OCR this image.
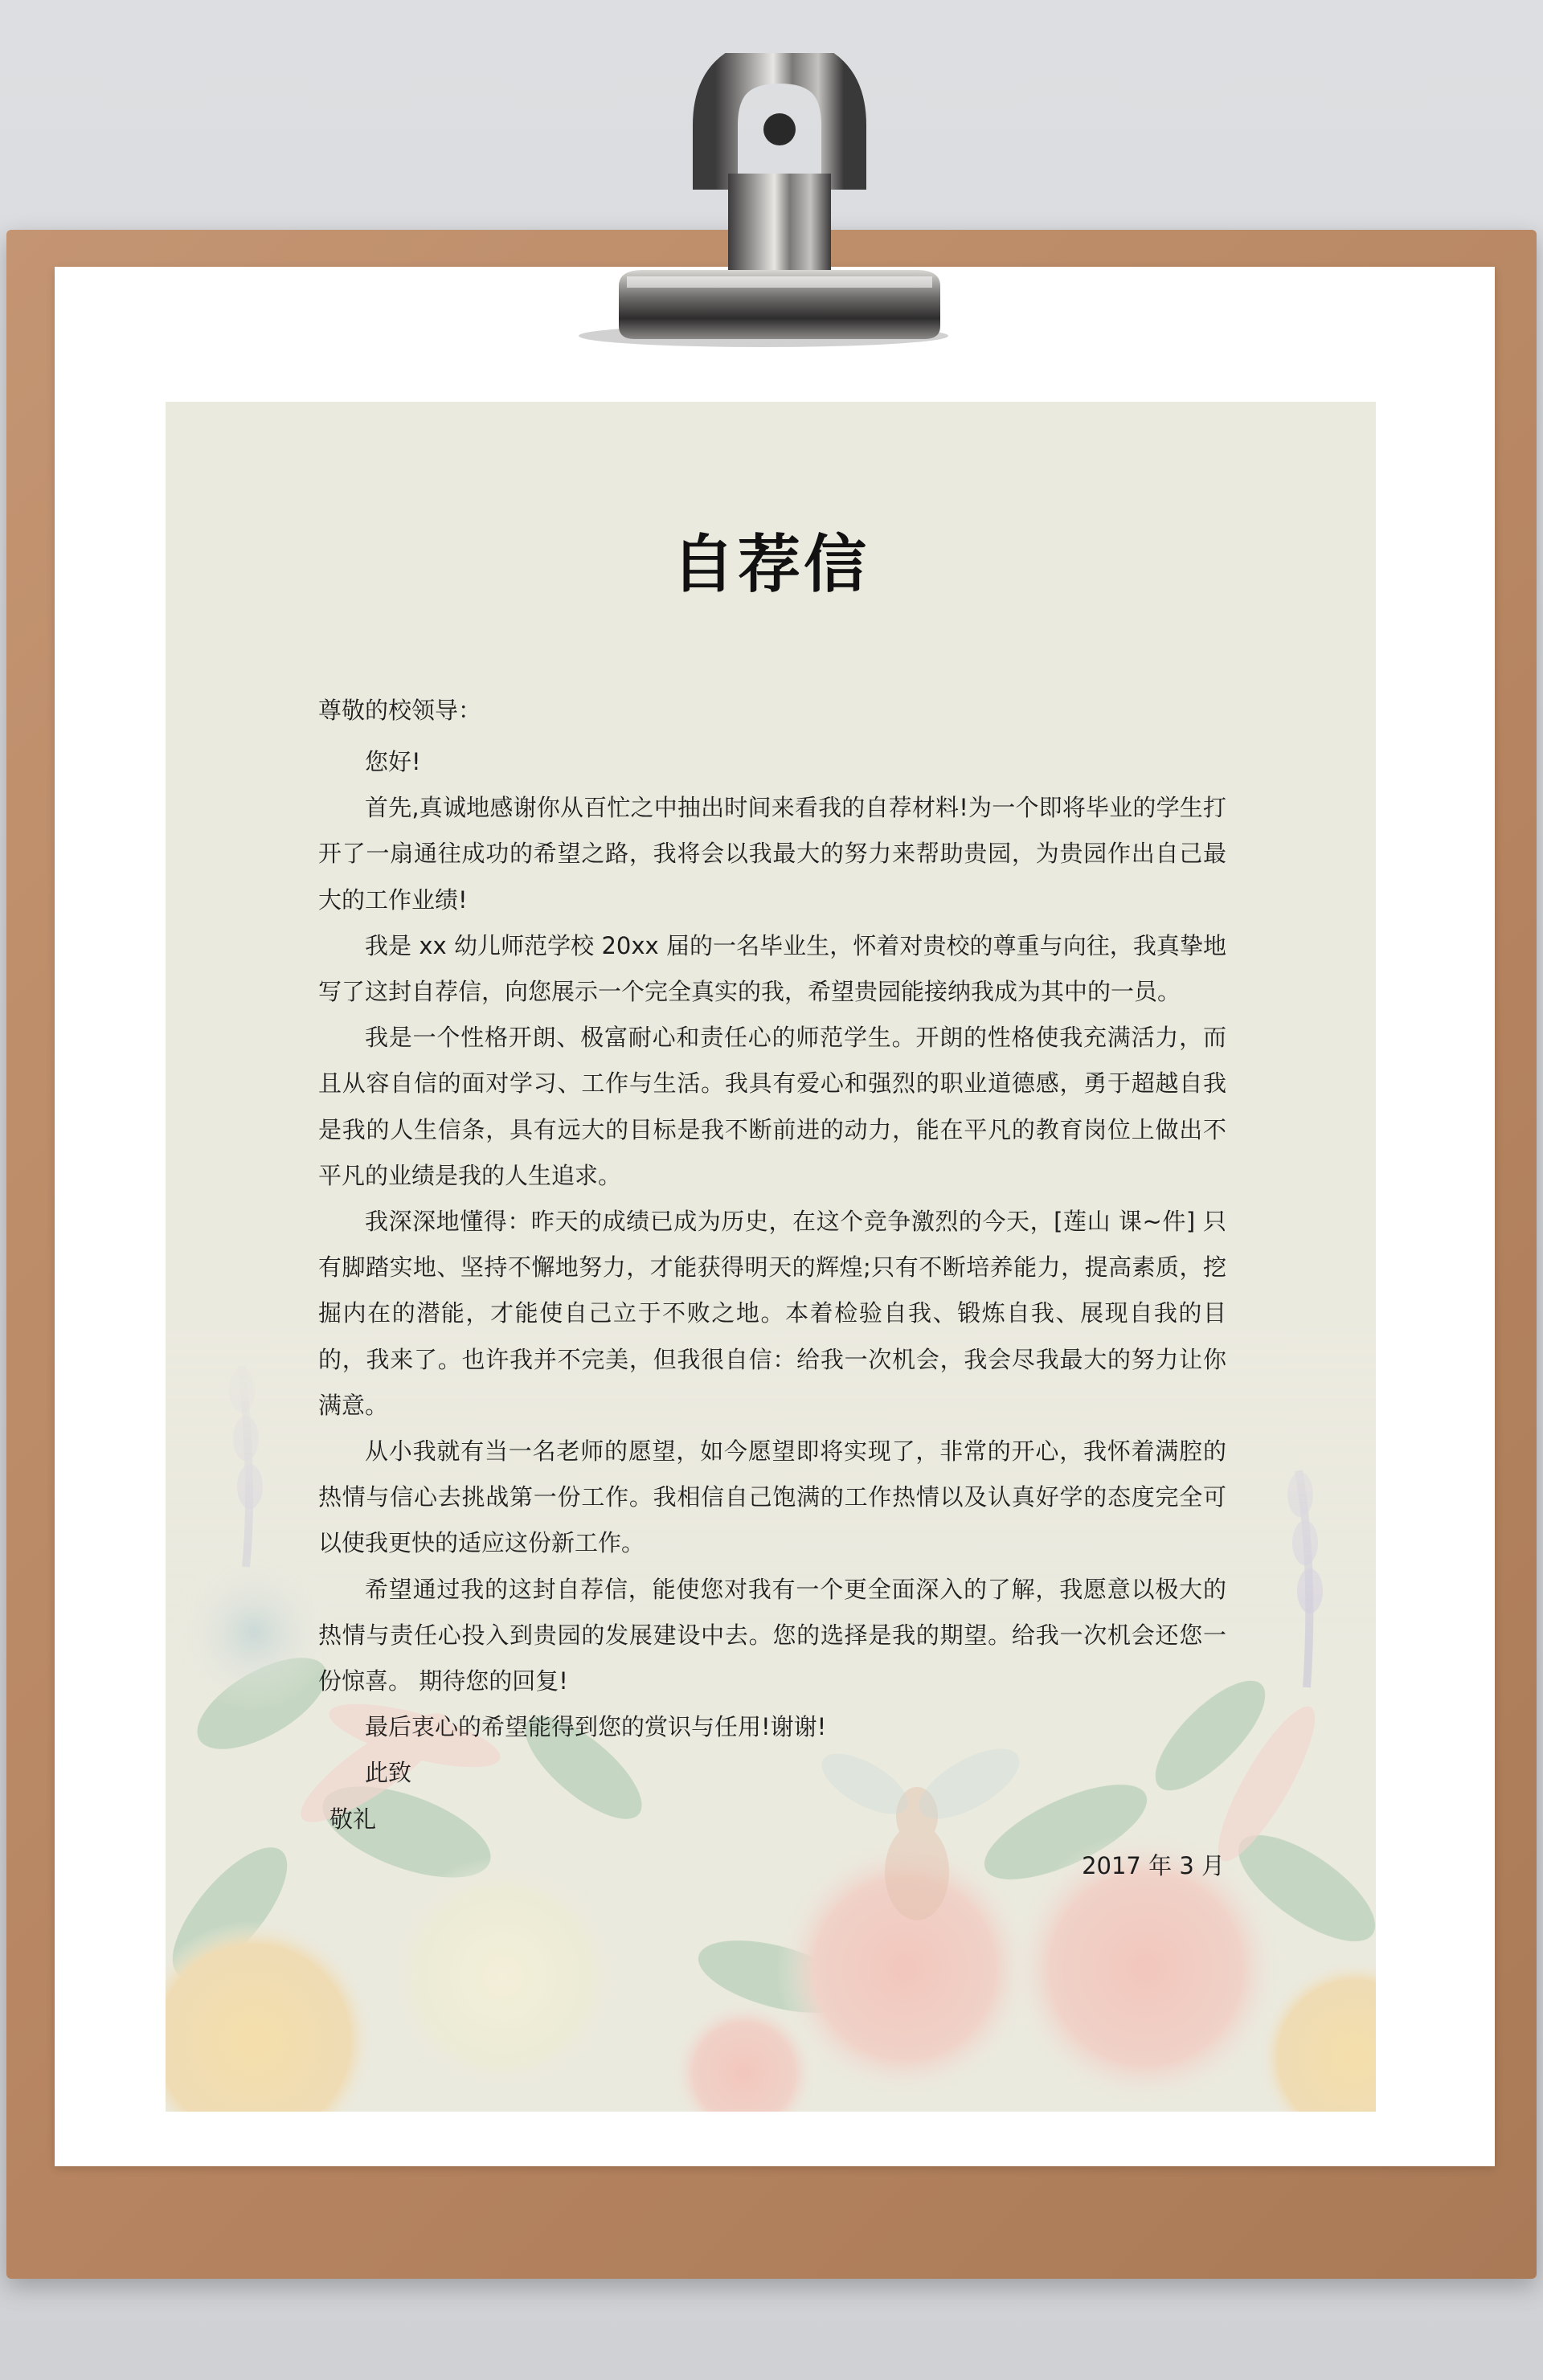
自荐信
尊敬的校领导：

您好!

首先,真诚地感谢你从百忙之中抽出时间来看我的自荐材料!为一个即将毕业的学生打开了一扇通往成功的希望之路，我将会以我最大的努力来帮助贵园，为贵园作出自己最大的工作业绩!

我是 xx 幼儿师范学校 20xx 届的一名毕业生，怀着对贵校的尊重与向往，我真挚地写了这封自荐信，向您展示一个完全真实的我，希望贵园能接纳我成为其中的一员。

我是一个性格开朗、极富耐心和责任心的师范学生。开朗的性格使我充满活力，而且从容自信的面对学习、工作与生活。我具有爱心和强烈的职业道德感，勇于超越自我是我的人生信条，具有远大的目标是我不断前进的动力，能在平凡的教育岗位上做出不平凡的业绩是我的人生追求。

我深深地懂得：昨天的成绩已成为历史，在这个竞争激烈的今天，[莲山 课~件] 只有脚踏实地、坚持不懈地努力，才能获得明天的辉煌;只有不断培养能力，提高素质，挖掘内在的潜能，才能使自己立于不败之地。本着检验自我、锻炼自我、展现自我的目的，我来了。也许我并不完美，但我很自信：给我一次机会，我会尽我最大的努力让你满意。

从小我就有当一名老师的愿望，如今愿望即将实现了，非常的开心，我怀着满腔的热情与信心去挑战第一份工作。我相信自己饱满的工作热情以及认真好学的态度完全可以使我更快的适应这份新工作。

希望通过我的这封自荐信，能使您对我有一个更全面深入的了解，我愿意以极大的热情与责任心投入到贵园的发展建设中去。您的选择是我的期望。给我一次机会还您一份惊喜。 期待您的回复!

最后衷心的希望能得到您的赏识与任用!谢谢!

此致

敬礼
2017 年 3 月
